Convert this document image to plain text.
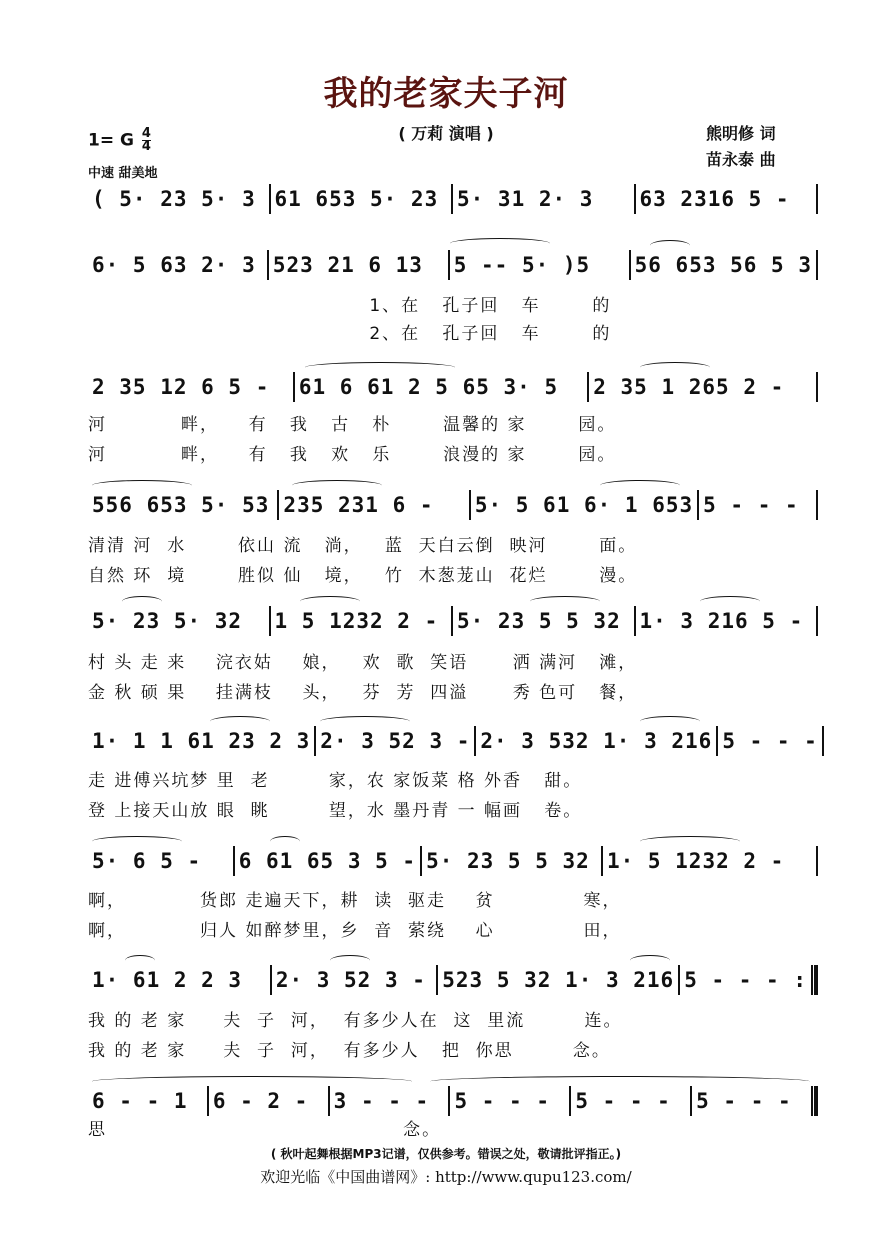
我的老家夫子河
1= G $\frac{4}{4}$
中速 甜美地
( 万莉 演唱 )	熊明修 词
苗永泰 曲
( 5· 23 5· 3 61 653 5· 23 5· 31 2· 3	63 2316 5 -
6· 5 63 2· 3 523 21 6 13	5 -- 5· )5	56 653 56 5 3
1、在   孔子回   车       的
2、在   孔子回   车       的
2 35 12 6 5 -	61 6 61 2 5 65 3· 5	2 35 1 265 2 -
河          畔，    有   我   古   朴       温馨的 家       园。
河          畔，    有   我   欢   乐       浪漫的 家       园。
556 653 5· 53 235 231 6 -	5· 5 61 6· 1 653 5 - - -
清清 河  水       依山 流   淌，   蓝  天白云倒  映河       面。
自然 环  境       胜似 仙   境，   竹  木葱茏山  花烂       漫。
5· 23 5· 32	1 5 1232 2 - 5· 23 5 5 32 1· 3 216 5 -
村 头 走 来    浣衣姑    娘，   欢  歌  笑语      洒 满河   滩，
金 秋 硕 果    挂满枝    头，   芬  芳  四溢      秀 色可   餐，
1· 1 1 61 23 2 3 2· 3 52 3 - 2· 3 532 1· 3 216 5 - - -
走 进傅兴坑梦 里  老        家，农 家饭菜 格 外香   甜。
登 上接天山放 眼  眺        望，水 墨丹青 一 幅画   卷。
5· 6 5 -	6 61 65 3 5 - 5· 23 5 5 32 1· 5 1232 2 -
啊，          货郎 走遍天下，耕  读  驱走    贫            寒，
啊，          归人 如醉梦里，乡  音  萦绕    心            田，
1· 61 2 2 3	2· 3 52 3 - 523 5 32 1· 3 216 5 - - - :
我 的 老 家     夫  子  河，  有多少人在  这  里流        连。
我 的 老 家     夫  子  河，  有多少人   把  你思        念。
6 - - 1	6 - 2 -	3 - - -	5 - - -	5 - - -	5 - - -
思                                        念。
( 秋叶起舞根据MP3记谱，仅供参考。错误之处，敬请批评指正。)
欢迎光临《中国曲谱网》: http://www.qupu123.com/
